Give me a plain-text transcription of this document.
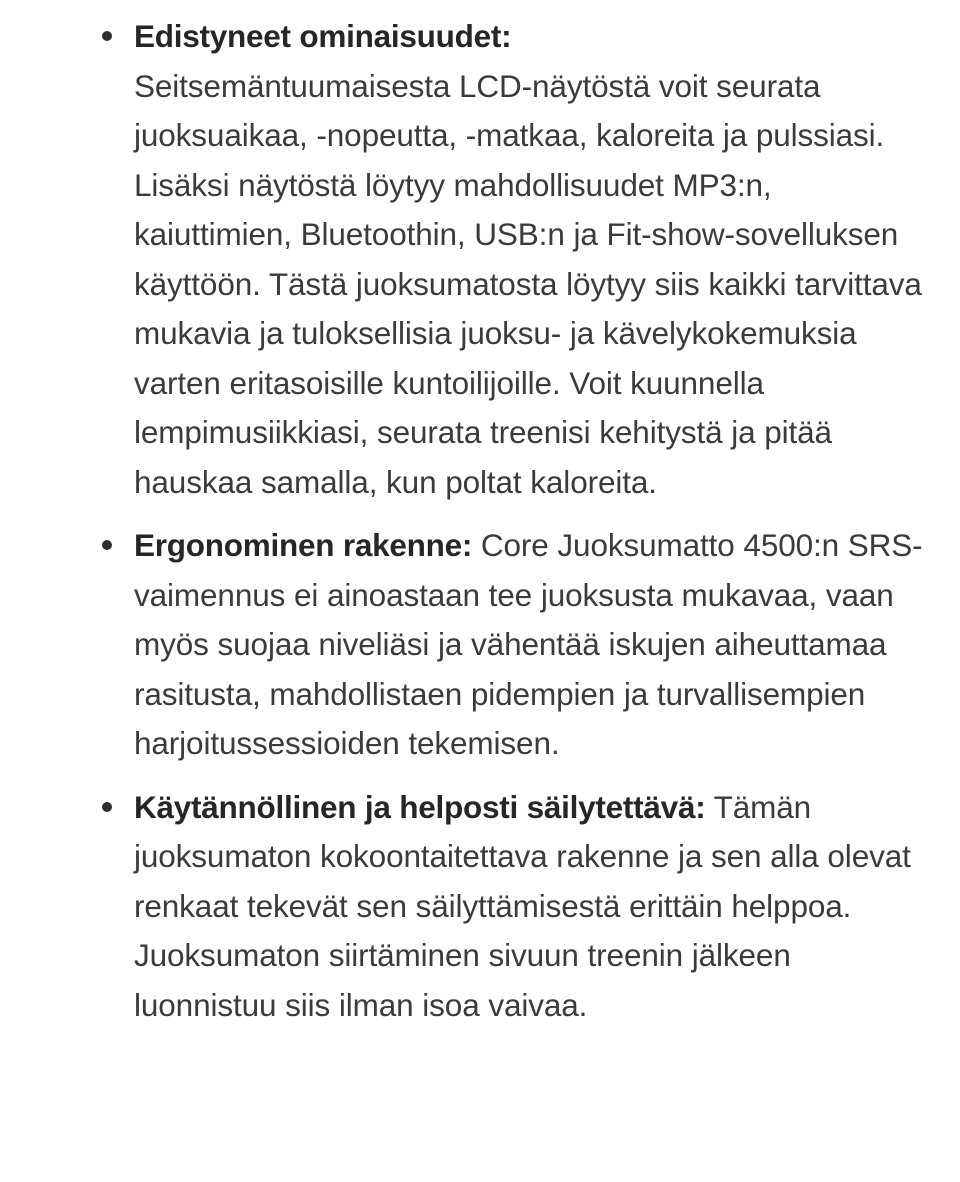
Edistyneet ominaisuudet:
Seitsemäntuumaisesta LCD-näytöstä voit seurata juoksuaikaa, -nopeutta, -matkaa, kaloreita ja pulssiasi. Lisäksi näytöstä löytyy mahdollisuudet MP3:n, kaiuttimien, Bluetoothin, USB:n ja Fit-show-sovelluksen käyttöön. Tästä juoksumatosta löytyy siis kaikki tarvittava mukavia ja tuloksellisia juoksu- ja kävelykokemuksia varten eritasoisille kuntoilijoille. Voit kuunnella lempimusiikkiasi, seurata treenisi kehitystä ja pitää hauskaa samalla, kun poltat kaloreita.

Ergonominen rakenne: Core Juoksumatto 4500:n SRS-vaimennus ei ainoastaan tee juoksusta mukavaa, vaan myös suojaa niveliäsi ja vähentää iskujen aiheuttamaa rasitusta, mahdollistaen pidempien ja turvallisempien harjoitussessioiden tekemisen.

Käytännöllinen ja helposti säilytettävä: Tämän juoksumaton kokoontaitettava rakenne ja sen alla olevat renkaat tekevät sen säilyttämisestä erittäin helppoa. Juoksumaton siirtäminen sivuun treenin jälkeen luonnistuu siis ilman isoa vaivaa.
